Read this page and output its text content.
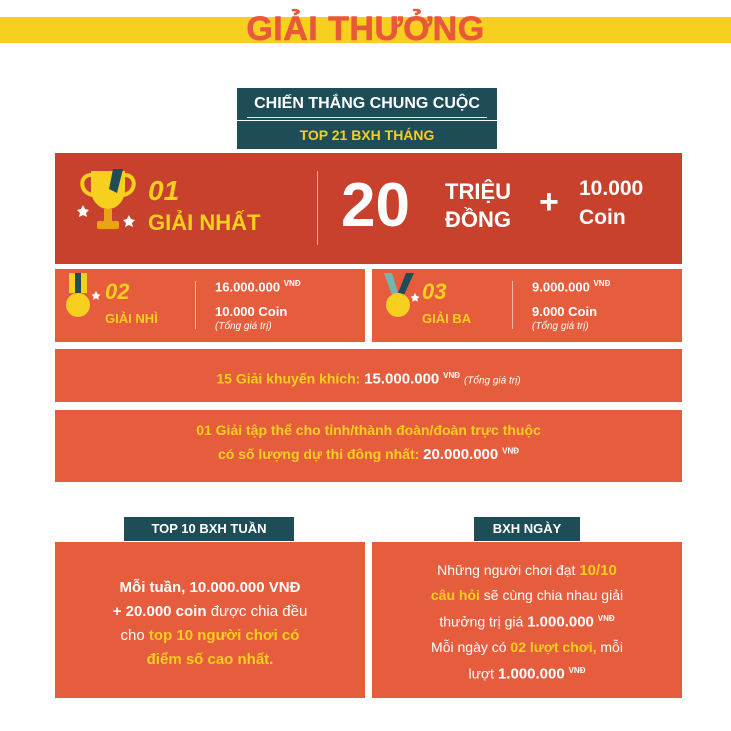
GIẢI THƯỞNG
CHIẾN THẮNG CHUNG CUỘC
TOP 21 BXH THÁNG
01
GIẢI NHẤT 20 TRIỆU
ĐỒNG + 10.000
Coin
02
GIẢI NHÌ
16.000.000 $^{VNĐ}$
10.000 Coin
(Tổng giá trị)
03
GIẢI BA
9.000.000 $^{VNĐ}$
9.000 Coin
(Tổng giá trị)
15 Giải khuyến khích: 15.000.000 $^{VNĐ}$ (Tổng giá trị)
01 Giải tập thể cho tỉnh/thành đoàn/đoàn trực thuộc
có số lượng dự thi đông nhất: 20.000.000 $^{VNĐ}$
TOP 10 BXH TUẦN
Mỗi tuần, 10.000.000 VNĐ
+ 20.000 coin được chia đều
cho top 10 người chơi có
điểm số cao nhất.
BXH NGÀY
Những người chơi đạt 10/10
câu hỏi sẽ cùng chia nhau giải
thưởng trị giá 1.000.000 $^{VNĐ}$
Mỗi ngày có 02 lượt chơi, mỗi
lượt 1.000.000 $^{VNĐ}$
